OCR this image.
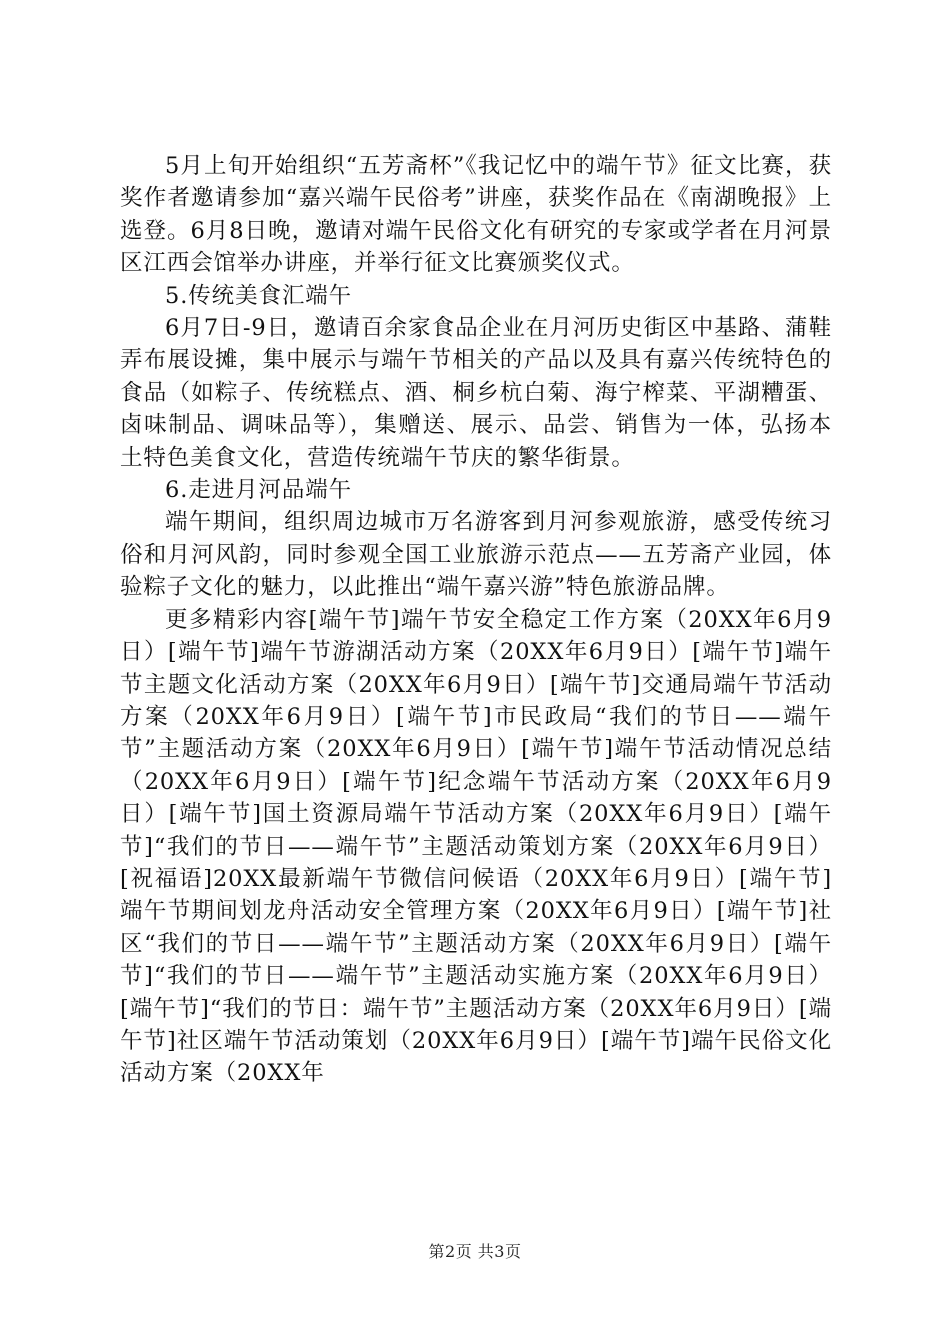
5月上旬开始组织“五芳斋杯”《我记忆中的端午节》征文比赛，获奖作者邀请参加“嘉兴端午民俗考”讲座，获奖作品在《南湖晚报》上选登。6月8日晚，邀请对端午民俗文化有研究的专家或学者在月河景区江西会馆举办讲座，并举行征文比赛颁奖仪式。

5.传统美食汇端午

6月7日-9日，邀请百余家食品企业在月河历史街区中基路、蒲鞋弄布展设摊，集中展示与端午节相关的产品以及具有嘉兴传统特色的食品（如粽子、传统糕点、酒、桐乡杭白菊、海宁榨菜、平湖糟蛋、卤味制品、调味品等），集赠送、展示、品尝、销售为一体，弘扬本土特色美食文化，营造传统端午节庆的繁华街景。

6.走进月河品端午

端午期间，组织周边城市万名游客到月河参观旅游，感受传统习俗和月河风韵，同时参观全国工业旅游示范点——五芳斋产业园，体验粽子文化的魅力，以此推出“端午嘉兴游”特色旅游品牌。

更多精彩内容[端午节]端午节安全稳定工作方案（20XX年6月9日）[端午节]端午节游湖活动方案（20XX年6月9日）[端午节]端午节主题文化活动方案（20XX年6月9日）[端午节]交通局端午节活动方案（20XX年6月9日）[端午节]市民政局“我们的节日——端午节”主题活动方案（20XX年6月9日）[端午节]端午节活动情况总结（20XX年6月9日）[端午节]纪念端午节活动方案（20XX年6月9日）[端午节]国土资源局端午节活动方案（20XX年6月9日）[端午节]“我们的节日——端午节”主题活动策划方案（20XX年6月9日）[祝福语]20XX最新端午节微信问候语（20XX年6月9日）[端午节]端午节期间划龙舟活动安全管理方案（20XX年6月9日）[端午节]社区“我们的节日——端午节”主题活动方案（20XX年6月9日）[端午节]“我们的节日——端午节”主题活动实施方案（20XX年6月9日）[端午节]“我们的节日：端午节”主题活动方案（20XX年6月9日）[端午节]社区端午节活动策划（20XX年6月9日）[端午节]端午民俗文化活动方案（20XX年

第2页 共3页
